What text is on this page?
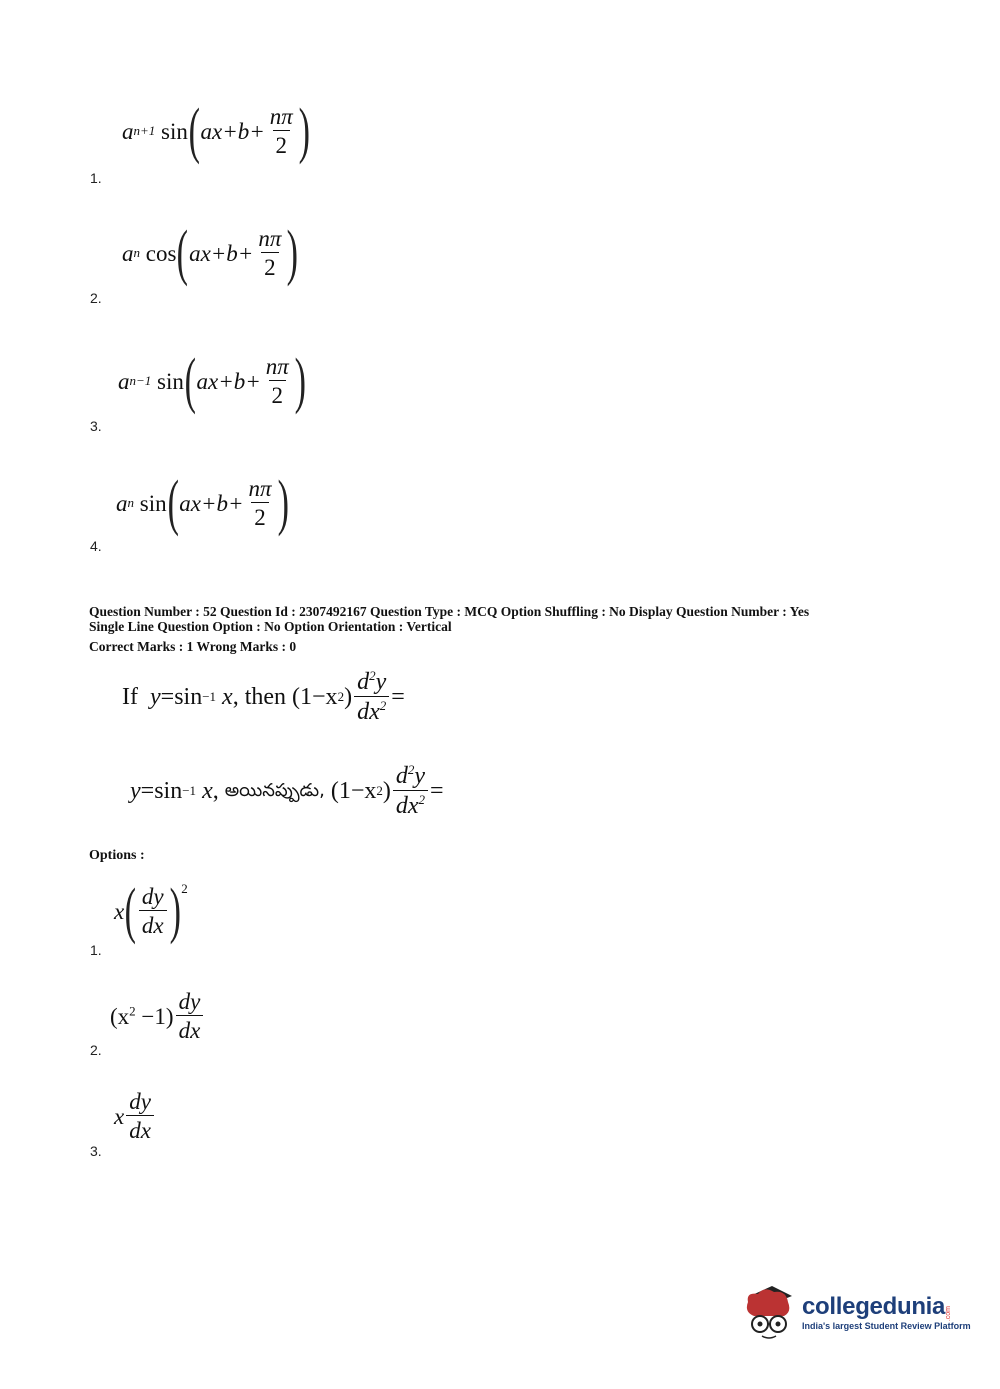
a n+1
sin ( $ax+b+ \frac{n\pi}{2}$ )
1.
a n
cos ( $ax+b+ \frac{n\pi}{2}$ )
2.
a n−1
sin ( $ax+b+ \frac{n\pi}{2}$ )
3.
a n
sin ( $ax+b+ \frac{n\pi}{2}$ )
4.
Question Number : 52 Question Id : 2307492167 Question Type : MCQ Option Shuffling : No Display Question Number : Yes
Single Line Question Option : No Option Orientation : Vertical
Correct Marks : 1 Wrong Marks : 0
If
y = sin −1
x , then
(1−x 2 ) $\frac{d^2y}{dx^2}$ =
y = sin −1
x ,
అయినప్పుడు,
(1−x 2 ) $\frac{d^2y}{dx^2}$ =
Options :
x ( $\frac{dy}{dx} )^2$
1.
$(x^2 -1) \frac{dy}{dx}$
2.
x $\frac{dy}{dx}$
3.
collegedunia .com
India's largest Student Review Platform
